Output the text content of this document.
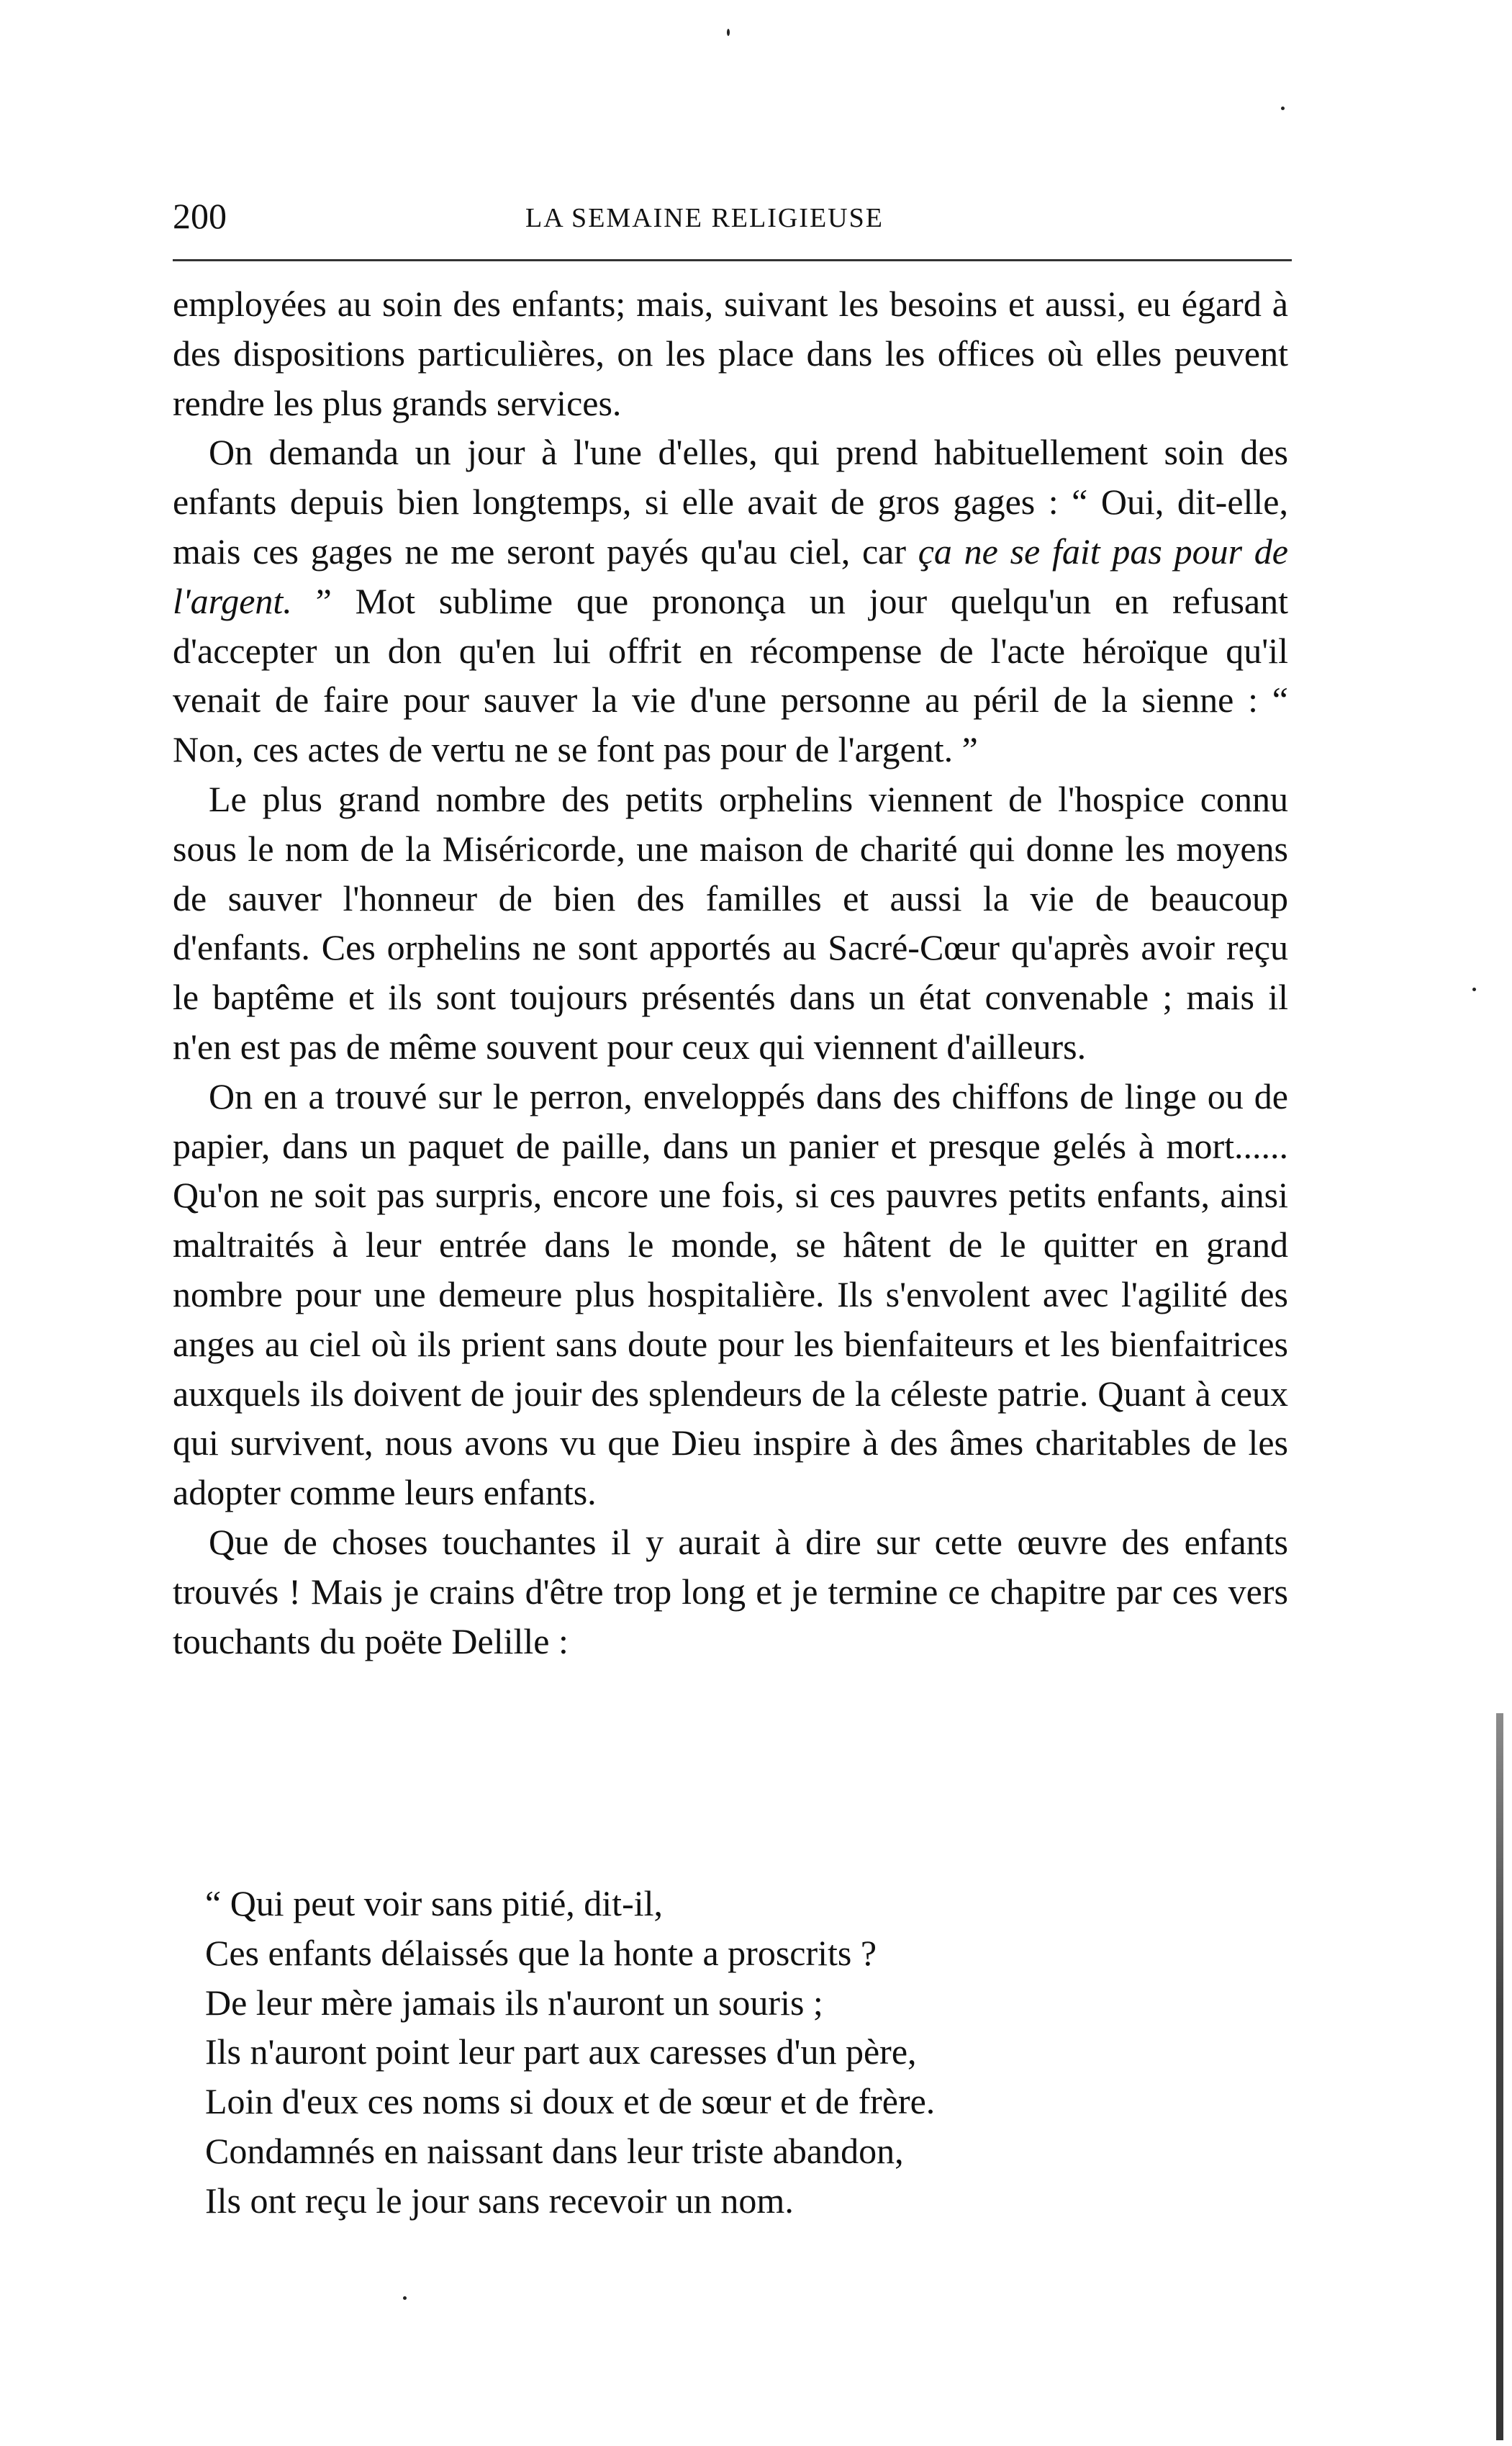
200	LA SEMAINE RELIGIEUSE

employées au soin des enfants; mais, suivant les besoins et aussi, eu égard à des dispositions particulières, on les place dans les offices où elles peuvent rendre les plus grands services.

On demanda un jour à l'une d'elles, qui prend habituellement soin des enfants depuis bien longtemps, si elle avait de gros gages : “ Oui, dit-elle, mais ces gages ne me seront payés qu'au ciel, car ça ne se fait pas pour de l'argent. ” Mot sublime que prononça un jour quelqu'un en refusant d'accepter un don qu'en lui offrit en récompense de l'acte héroïque qu'il venait de faire pour sauver la vie d'une personne au péril de la sienne : “ Non, ces actes de vertu ne se font pas pour de l'argent. ”

Le plus grand nombre des petits orphelins viennent de l'hospice connu sous le nom de la Miséricorde, une maison de charité qui donne les moyens de sauver l'honneur de bien des familles et aussi la vie de beaucoup d'enfants. Ces orphelins ne sont apportés au Sacré-Cœur qu'après avoir reçu le baptême et ils sont toujours présentés dans un état convenable ; mais il n'en est pas de même souvent pour ceux qui viennent d'ailleurs.

On en a trouvé sur le perron, enveloppés dans des chiffons de linge ou de papier, dans un paquet de paille, dans un panier et presque gelés à mort...... Qu'on ne soit pas surpris, encore une fois, si ces pauvres petits enfants, ainsi maltraités à leur entrée dans le monde, se hâtent de le quitter en grand nombre pour une demeure plus hospitalière. Ils s'envolent avec l'agilité des anges au ciel où ils prient sans doute pour les bienfaiteurs et les bienfaitrices auxquels ils doivent de jouir des splendeurs de la céleste patrie. Quant à ceux qui survivent, nous avons vu que Dieu inspire à des âmes charitables de les adopter comme leurs enfants.

Que de choses touchantes il y aurait à dire sur cette œuvre des enfants trouvés ! Mais je crains d'être trop long et je termine ce chapitre par ces vers touchants du poëte Delille :

“ Qui peut voir sans pitié, dit-il,
Ces enfants délaissés que la honte a proscrits ?
De leur mère jamais ils n'auront un souris ;
Ils n'auront point leur part aux caresses d'un père,
Loin d'eux ces noms si doux et de sœur et de frère.
Condamnés en naissant dans leur triste abandon,
Ils ont reçu le jour sans recevoir un nom.
